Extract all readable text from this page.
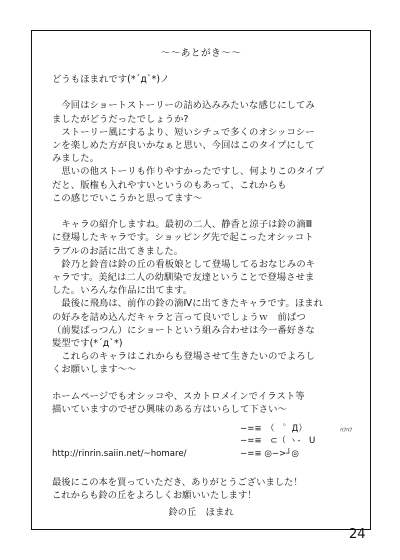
〜〜あとがき〜〜
どうもほまれです(*´д`*)ノ

　今回はショートストーリーの詰め込みみたいな感じにしてみ
ましたがどうだったでしょうか?
　ストーリー風にするより、短いシチュで多くのオシッコシー
ンを楽しめた方が良いかなぁと思い、今回はこのタイプにして
みました。
　思いの他ストーリも作りやすかったですし、何よりこのタイプ
だと、版権も入れやすいというのもあって、これからも
この感じでいこうかと思ってます〜

　キャラの紹介しますね。最初の二人、静香と涼子は鈴の滴Ⅲ
に登場したキャラです。ショッピング先で起こったオシッコト
ラブルのお話に出てきました。
　鈴乃と鈴音は鈴の丘の看板娘として登場してるおなじみのキ
ャラです。美紀は二人の幼馴染で友達ということで登場させま
した。いろんな作品に出てます。
　最後に飛鳥は、前作の鈴の滴Ⅳに出てきたキャラです。ほまれ
の好みを詰め込んだキャラと言って良いでしょうｗ　前ぱつ
（前髪ぱっつん）にショートという組み合わせは今一番好きな
髪型です(*´д`*)
　これらのキャラはこれからも登場させて生きたいのでよろし
くお願いします〜〜

ホームページでもオシッコや、スカトロメインでイラスト等
描いていますのでぜひ興味のある方はいらして下さい〜
−=≡　（　゜Д）	ﾊﾌﾊﾌ
−=≡　⊂（ ヽ-　U
http://rinrin.saiin.net/~homare/	−=≡ ◎−>┘◎
最後にこの本を買っていただき、ありがとうございました！
これからも鈴の丘をよろしくお願いいたします！
鈴の丘　ほまれ
24
